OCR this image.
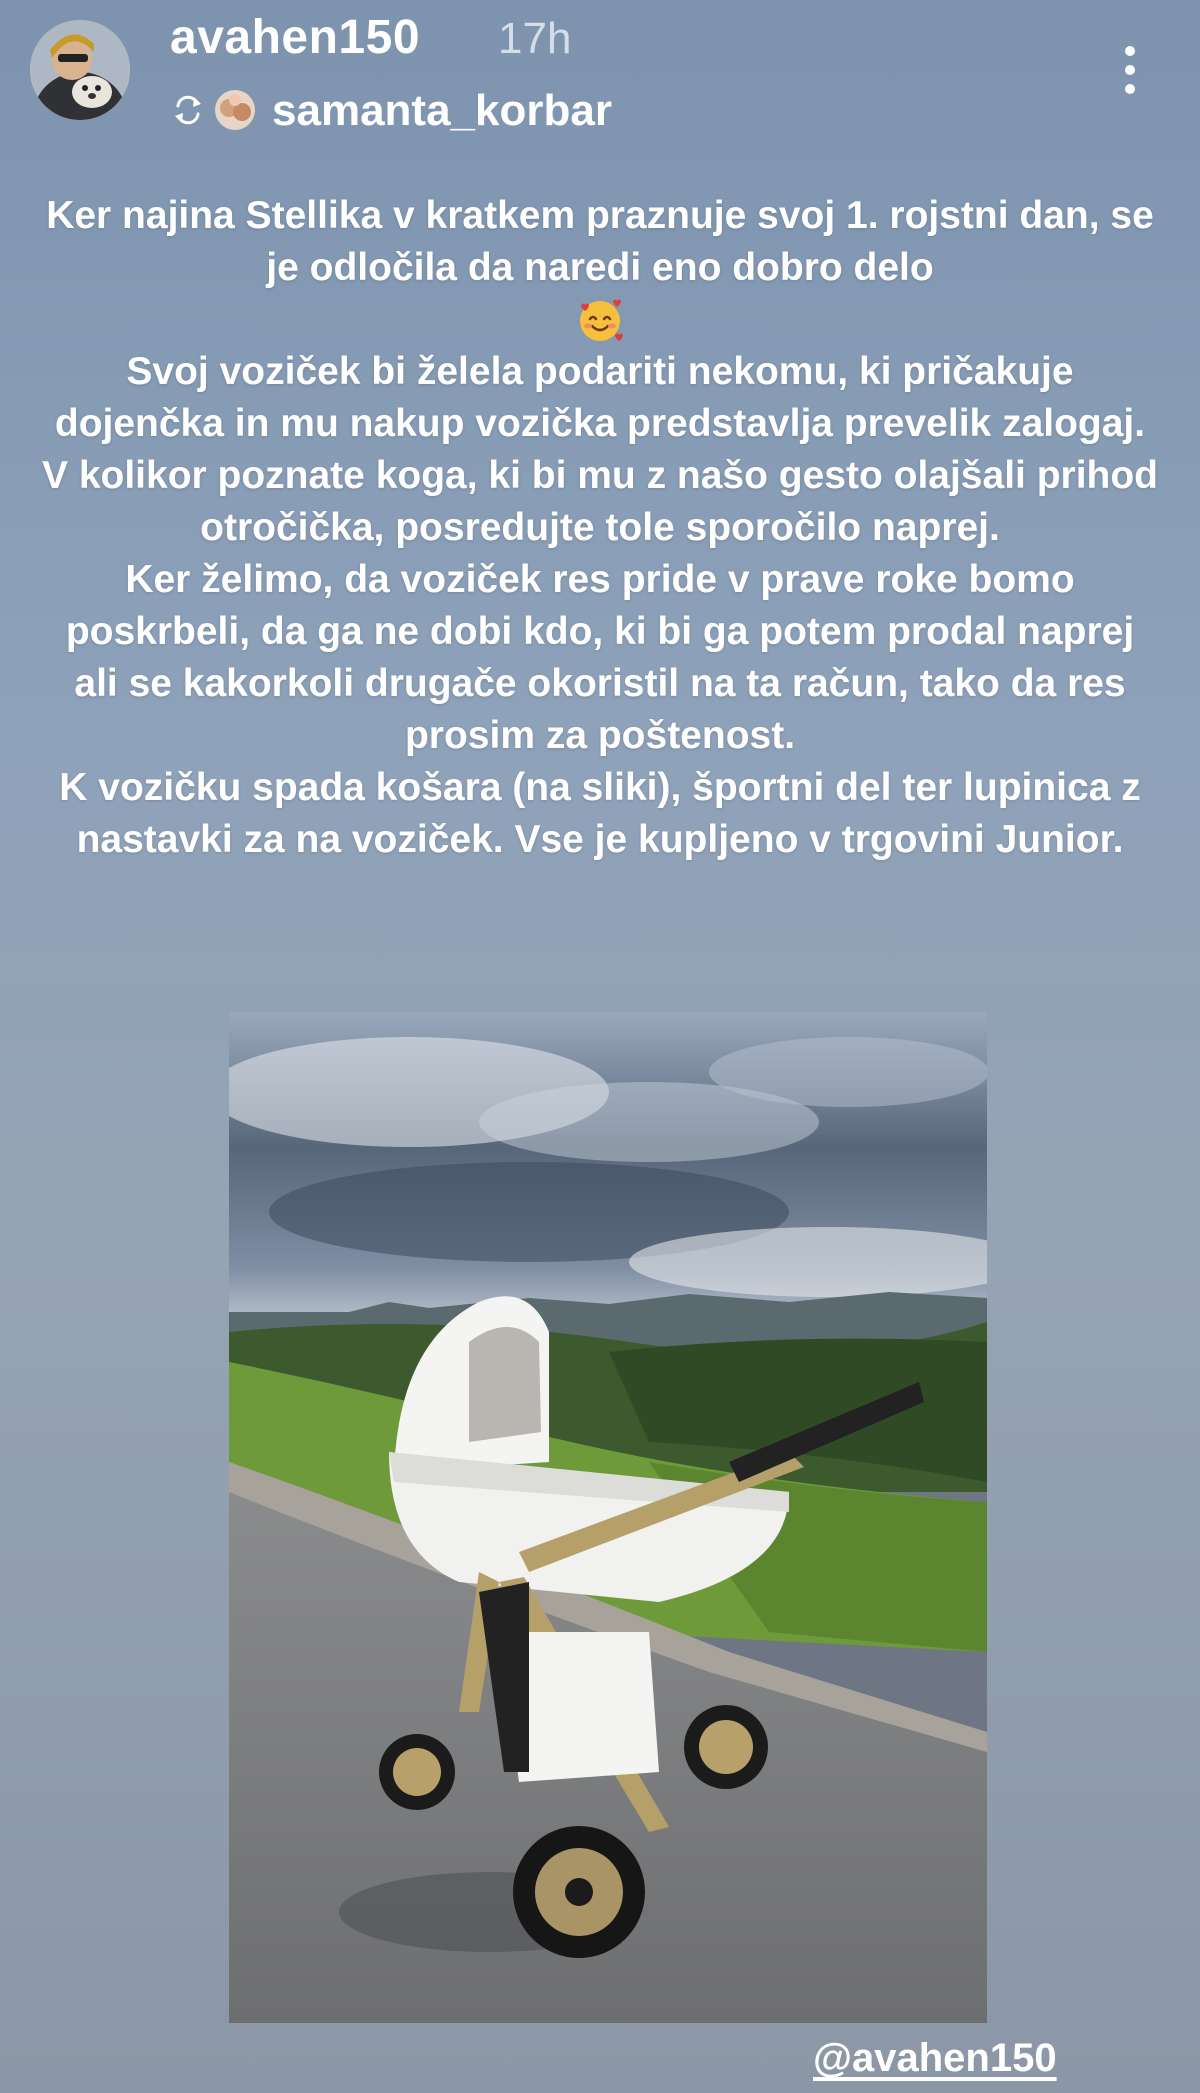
avahen150 17h
samanta_korbar

Ker najina Stellika v kratkem praznuje svoj 1. rojstni dan, se je odločila da naredi eno dobro delo

Svoj voziček bi želela podariti nekomu, ki pričakuje dojenčka in mu nakup vozička predstavlja prevelik zalogaj. V kolikor poznate koga, ki bi mu z našo gesto olajšali prihod otročička, posredujte tole sporočilo naprej.

Ker želimo, da voziček res pride v prave roke bomo poskrbeli, da ga ne dobi kdo, ki bi ga potem prodal naprej ali se kakorkoli drugače okoristil na ta račun, tako da res prosim za poštenost.

K vozičku spada košara (na sliki), športni del ter lupinica z nastavki za na voziček. Vse je kupljeno v trgovini Junior.

@avahen150
